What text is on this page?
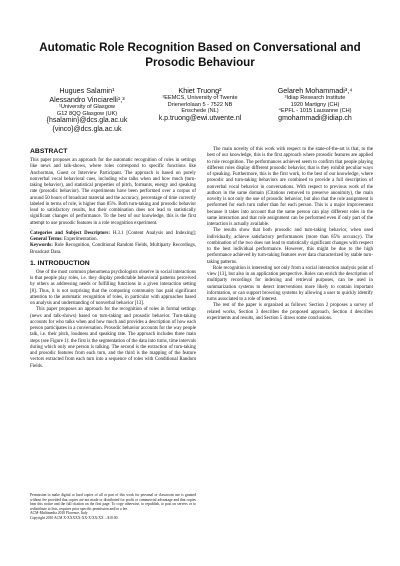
Automatic Role Recognition Based on Conversational and Prosodic Behaviour
Hugues Salamin¹
Alessandro Vinciarelli¹,³
¹University of Glasgow
G12 8QQ Glasgow (UK)
{hsalamin}@dcs.gla.ac.uk
{vinco}@dcs.gla.ac.uk
Khiet Truong²
²EEMCS, University of Twente
Drienerlolaan 5 - 7522 NB
Enschede (NL)
k.p.truong@ewi.utwente.nl
Gelareh Mohammadi³,⁴
³Idiap Research Institute
1920 Martigny (CH)
⁴EPFL - 1015 Lausanne (CH)
gmohammadi@idiap.ch
ABSTRACT

This paper proposes an approach for the automatic recognition of roles in settings like news and talk-shows, where roles correspond to specific functions like Anchorman, Guest or Interview Participant. The approach is based on purely nonverbal vocal behavioral cues, including who talks when and how much (turn-taking behavior), and statistical properties of pitch, formants, energy and speaking rate (prosodic behavior). The experiments have been performed over a corpus of around 50 hours of broadcast material and the accuracy, percentage of time correctly labeled in terms of role, is higher than 85%. Both turn-taking and prosodic behavior lead to satisfactory results, but their combination does not lead to statistically significant changes of performance. To the best of our knowledge, this is the first attempt to use prosodic features in a role recognition experiment.

Categories and Subject Descriptors: H.3.1 [Content Analysis and Indexing]; General Terms: Experimentation.
Keywords: Role Recognition, Conditional Random Fields, Multiparty Recordings, Broadcast Data.
1. INTRODUCTION

One of the most common phenomena psychologists observe in social interactions is that people play roles, i.e. they display predictable behavioral patterns perceived by others as addressing needs or fulfilling functions in a given interaction setting [8]. Thus, it is not surprising that the computing community has paid significant attention to the automatic recognition of roles, in particular with approaches based on analysis and understanding of nonverbal behavior [13].

This paper proposes an approach for the recognition of roles in formal settings (news and talk-shows) based on turn-taking and prosodic behavior. Turn-taking accounts for who talks when and how much and provides a description of how each person participates in a conversation. Prosodic behavior accounts for the way people talk, i.e. their pitch, loudness and speaking rate. The approach includes three main steps (see Figure 1): the first is the segmentation of the data into turns, time intervals during which only one person is talking. The second is the extraction of turn-taking and prosodic features from each turn, and the third is the mapping of the feature vectors extracted from each turn into a sequence of roles with Conditional Random Fields.

The main novelty of this work with respect to the state-of-the-art is that, to the best of our knowledge, this is the first approach where prosodic features are applied to role recognition. The performances achieved seem to confirm that people playing different roles display different prosodic behavior, that is they exhibit peculiar ways of speaking. Furthermore, this is the first work, to the best of our knowledge, where prosodic and turn-taking behaviors are combined to provide a full description of nonverbal vocal behavior in conversations. With respect to previous work of the authors in the same domain (Citations removed to preserve anonimity), the main novelty is not only the use of prosodic behavior, but also that the role assignment is performed for each turn rather than for each person. This is a major improvement because it takes into account that the same person can play different roles in the same interaction and that role assignment can be performed even if only part of the interaction is actually available.

The results show that both prosodic and turn-taking behavior, when used individually, achieve satisfactory performances (more than 85% accuracy). The combination of the two does not lead to statistically significant changes with respect to the best individual performance. However, this might be due to the high performance achieved by turn-taking features over data characterized by stable turn-taking patterns.

Role recognition is interesting not only from a social interaction analysis point of view [13], but also in an application perspective. Roles can enrich the description of multiparty recordings for indexing and retrieval purposes, can be used in summarization systems to detect interventions more likely to contain important information, or can support browsing systems by allowing a user to quickly identify turns associated to a role of interest.

The rest of the paper is organized as follows: Section 2 proposes a survey of related works, Section 3 describes the proposed approach, Section 4 describes experiments and results, and Section 5 draws some conclusions.

Permission to make digital or hard copies of all or part of this work for personal or classroom use is granted without fee provided that copies are not made or distributed for profit or commercial advantage and that copies bear this notice and the full citation on the first page. To copy otherwise, to republish, to post on servers or to redistribute to lists, requires prior specific permission and/or a fee.
ACM-Multimedia 2010 Florence, Italy
Copyright 2010 ACM X-XXXXX-XX-X/XX/XX ...$10.00.
